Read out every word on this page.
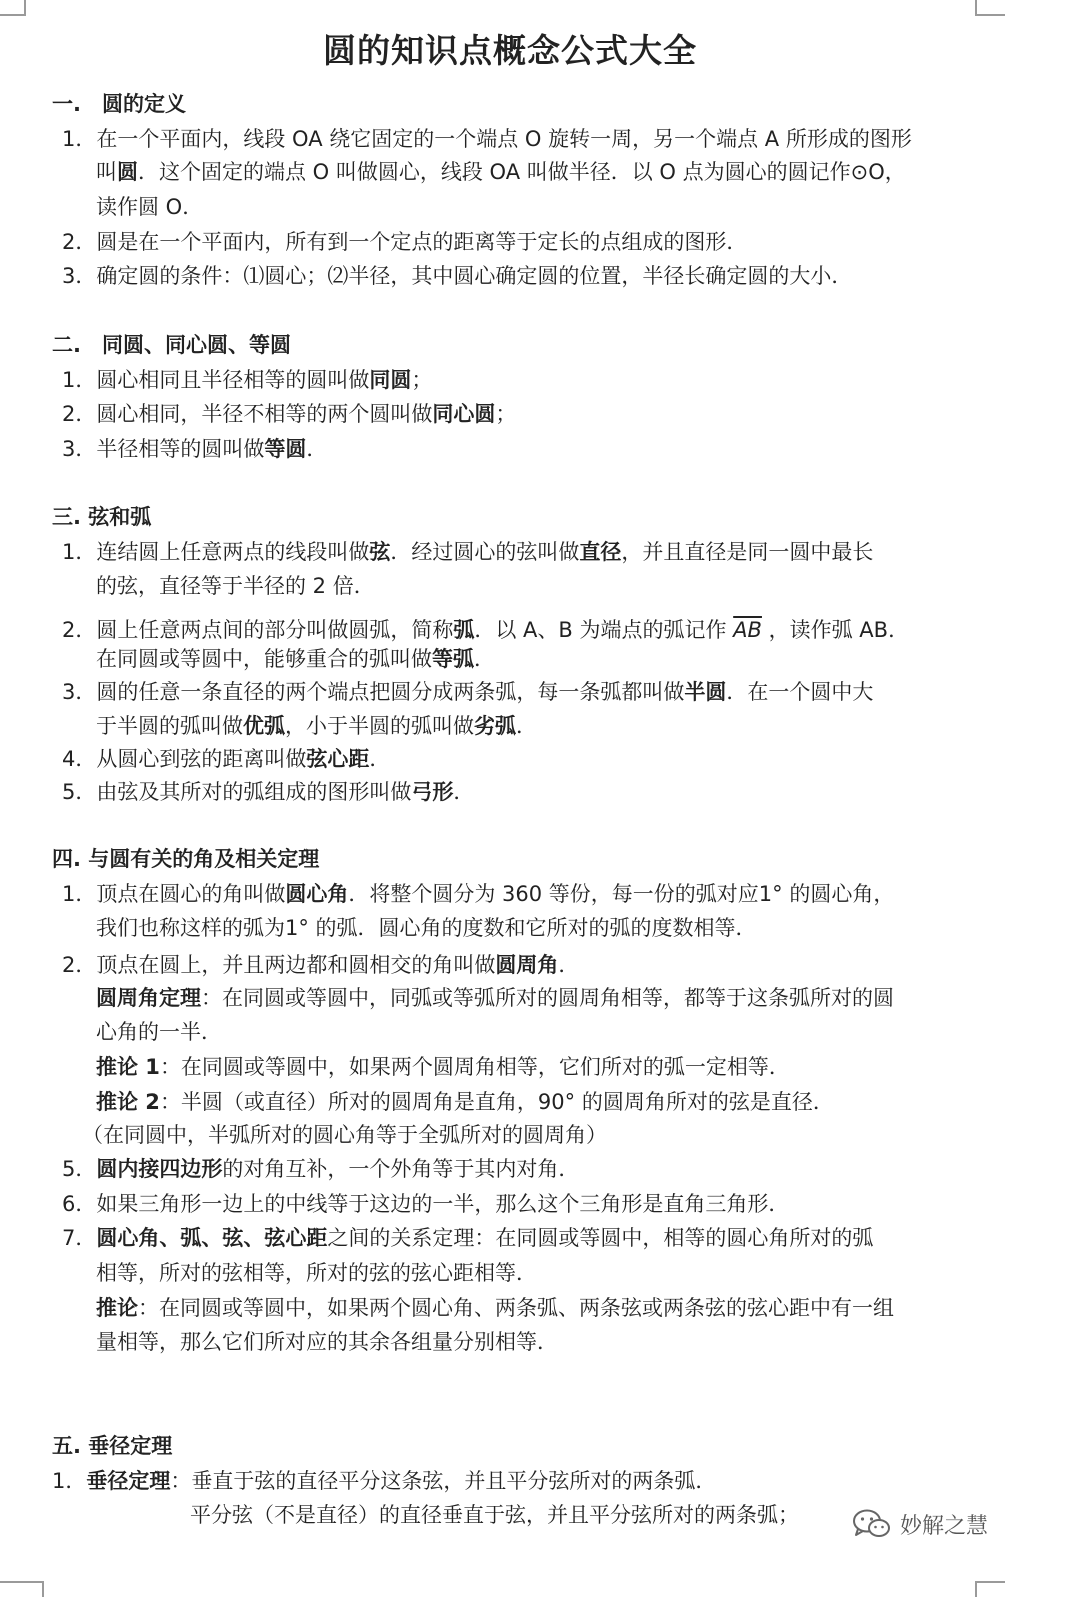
圆的知识点概念公式大全
一.　圆的定义
1．在一个平面内，线段 OA 绕它固定的一个端点 O 旋转一周，另一个端点 A 所形成的图形
叫圆．这个固定的端点 O 叫做圆心，线段 OA 叫做半径．以 O 点为圆心的圆记作⊙O，
读作圆 O．
2．圆是在一个平面内，所有到一个定点的距离等于定长的点组成的图形．
3．确定圆的条件：⑴圆心；⑵半径，其中圆心确定圆的位置，半径长确定圆的大小．
二.　同圆、同心圆、等圆
1．圆心相同且半径相等的圆叫做同圆；
2．圆心相同，半径不相等的两个圆叫做同心圆；
3．半径相等的圆叫做等圆．
三. 弦和弧
1．连结圆上任意两点的线段叫做弦．经过圆心的弦叫做直径，并且直径是同一圆中最长
的弦，直径等于半径的 2 倍．
2．圆上任意两点间的部分叫做圆弧，简称弧．以 A、B 为端点的弧记作 $\overline{AB}$ ，读作弧 AB．
在同圆或等圆中，能够重合的弧叫做等弧．
3．圆的任意一条直径的两个端点把圆分成两条弧，每一条弧都叫做半圆．在一个圆中大
于半圆的弧叫做优弧，小于半圆的弧叫做劣弧．
4．从圆心到弦的距离叫做弦心距．
5．由弦及其所对的弧组成的图形叫做弓形．
四. 与圆有关的角及相关定理
1．顶点在圆心的角叫做圆心角．将整个圆分为 360 等份，每一份的弧对应1° 的圆心角，
我们也称这样的弧为1° 的弧．圆心角的度数和它所对的弧的度数相等．
2．顶点在圆上，并且两边都和圆相交的角叫做圆周角．
圆周角定理：在同圆或等圆中，同弧或等弧所对的圆周角相等，都等于这条弧所对的圆
心角的一半．
推论 1：在同圆或等圆中，如果两个圆周角相等，它们所对的弧一定相等．
推论 2：半圆（或直径）所对的圆周角是直角，90° 的圆周角所对的弦是直径．
（在同圆中，半弧所对的圆心角等于全弧所对的圆周角）
5．圆内接四边形的对角互补，一个外角等于其内对角．
6．如果三角形一边上的中线等于这边的一半，那么这个三角形是直角三角形．
7．圆心角、弧、弦、弦心距之间的关系定理：在同圆或等圆中，相等的圆心角所对的弧
相等，所对的弦相等，所对的弦的弦心距相等．
推论：在同圆或等圆中，如果两个圆心角、两条弧、两条弦或两条弦的弦心距中有一组
量相等，那么它们所对应的其余各组量分别相等．
五. 垂径定理
1．垂径定理：垂直于弦的直径平分这条弦，并且平分弦所对的两条弧．
平分弦（不是直径）的直径垂直于弦，并且平分弦所对的两条弧；	妙解之慧
